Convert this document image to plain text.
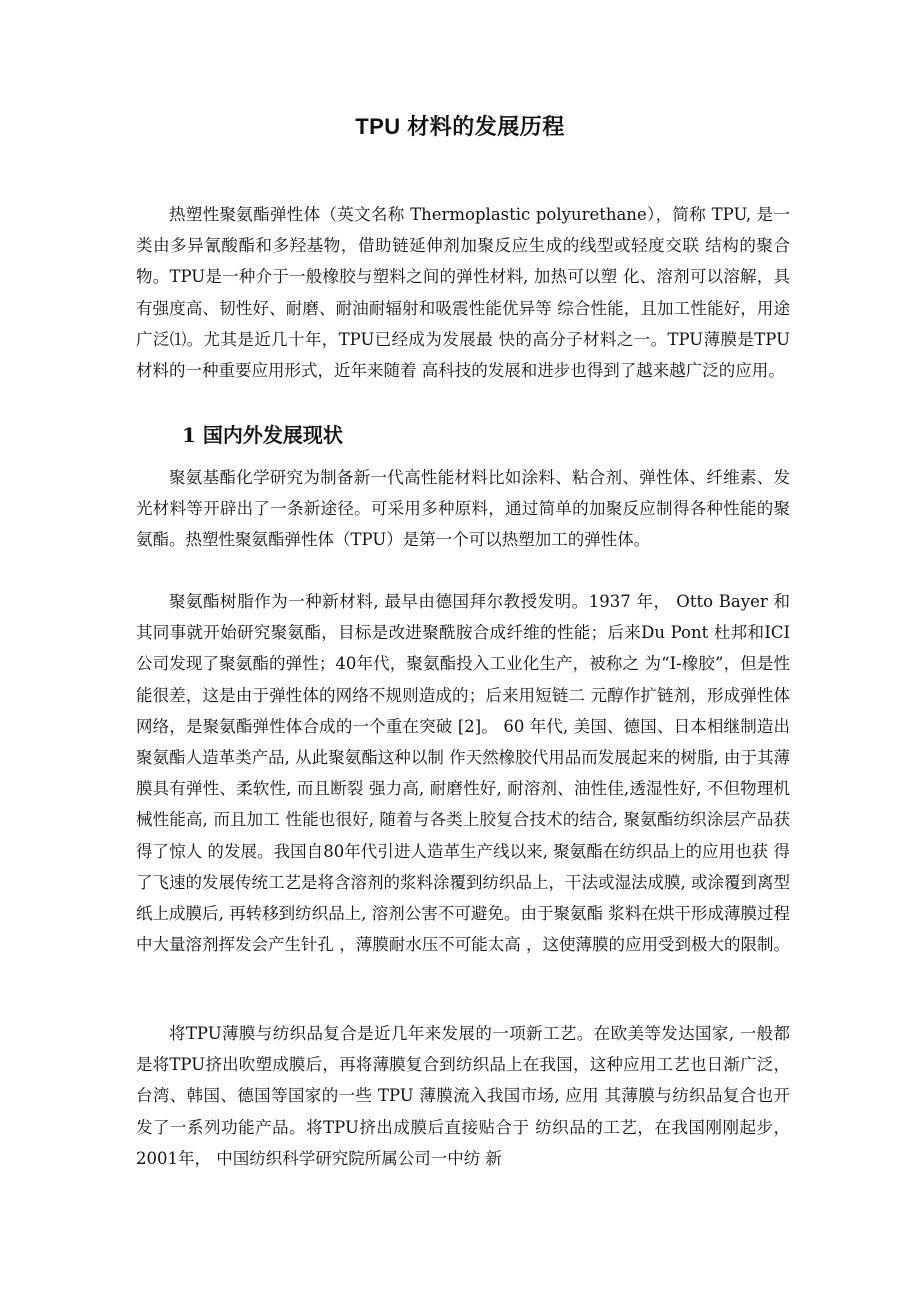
TPU 材料的发展历程

热塑性聚氨酯弹性体（英文名称 Thermoplastic polyurethane），简称 TPU, 是一类由多异氰酸酯和多羟基物，借助链延伸剂加聚反应生成的线型或轻度交联 结构的聚合物。TPU是一种介于一般橡胶与塑料之间的弹性材料, 加热可以塑 化、溶剂可以溶解，具有强度高、韧性好、耐磨、耐油耐辐射和吸震性能优异等 综合性能，且加工性能好，用途广泛⑴。尤其是近几十年，TPU已经成为发展最 快的高分子材料之一。TPU薄膜是TPU材料的一种重要应用形式，近年来随着 高科技的发展和进步也得到了越来越广泛的应用。

1 国内外发展现状

聚氨基酯化学研究为制备新一代高性能材料比如涂料、粘合剂、弹性体、纤维素、发光材料等开辟出了一条新途径。可采用多种原料，通过简单的加聚反应制得各种性能的聚氨酯。热塑性聚氨酯弹性体（TPU）是第一个可以热塑加工的弹性体。

聚氨酯树脂作为一种新材料, 最早由德国拜尔教授发明。1937 年， Otto Bayer 和其同事就开始研究聚氨酯，目标是改进聚酰胺合成纤维的性能；后来Du Pont 杜邦和ICI公司发现了聚氨酯的弹性；40年代，聚氨酯投入工业化生产，被称之 为“I-橡胶”，但是性能很差，这是由于弹性体的网络不规则造成的；后来用短链二 元醇作扩链剂，形成弹性体网络，是聚氨酯弹性体合成的一个重在突破 [2]。 60 年代, 美国、德国、日本相继制造出聚氨酯人造革类产品, 从此聚氨酯这种以制 作天然橡胶代用品而发展起来的树脂, 由于其薄膜具有弹性、柔软性, 而且断裂 强力高, 耐磨性好, 耐溶剂、油性佳,透湿性好, 不但物理机械性能高, 而且加工 性能也很好, 随着与各类上胶复合技术的结合, 聚氨酯纺织涂层产品获得了惊人 的发展。我国自80年代引进人造革生产线以来, 聚氨酯在纺织品上的应用也获 得了飞速的发展传统工艺是将含溶剂的浆料涂覆到纺织品上，干法或湿法成膜, 或涂覆到离型纸上成膜后, 再转移到纺织品上, 溶剂公害不可避免。由于聚氨酯 浆料在烘干形成薄膜过程中大量溶剂挥发会产生针孔 ，薄膜耐水压不可能太高 ，这使薄膜的应用受到极大的限制。

将TPU薄膜与纺织品复合是近几年来发展的一项新工艺。在欧美等发达国家, 一般都是将TPU挤出吹塑成膜后，再将薄膜复合到纺织品上在我国，这种应用工艺也日渐广泛，台湾、韩国、德国等国家的一些 TPU 薄膜流入我国市场, 应用 其薄膜与纺织品复合也开发了一系列功能产品。将TPU挤出成膜后直接贴合于 纺织品的工艺，在我国刚刚起步， 2001年， 中国纺织科学研究院所属公司一中纺 新
